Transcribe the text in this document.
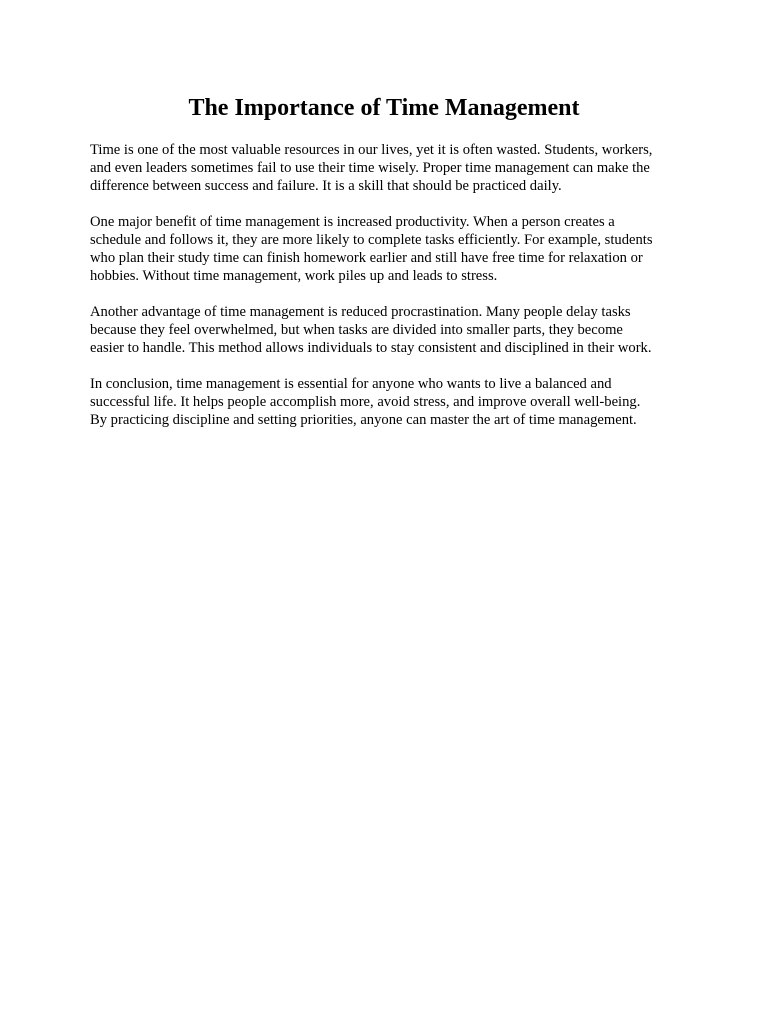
The Importance of Time Management

Time is one of the most valuable resources in our lives, yet it is often wasted. Students, workers,
and even leaders sometimes fail to use their time wisely. Proper time management can make the
difference between success and failure. It is a skill that should be practiced daily.

One major benefit of time management is increased productivity. When a person creates a
schedule and follows it, they are more likely to complete tasks efficiently. For example, students
who plan their study time can finish homework earlier and still have free time for relaxation or
hobbies. Without time management, work piles up and leads to stress.

Another advantage of time management is reduced procrastination. Many people delay tasks
because they feel overwhelmed, but when tasks are divided into smaller parts, they become
easier to handle. This method allows individuals to stay consistent and disciplined in their work.

In conclusion, time management is essential for anyone who wants to live a balanced and
successful life. It helps people accomplish more, avoid stress, and improve overall well-being.
By practicing discipline and setting priorities, anyone can master the art of time management.
